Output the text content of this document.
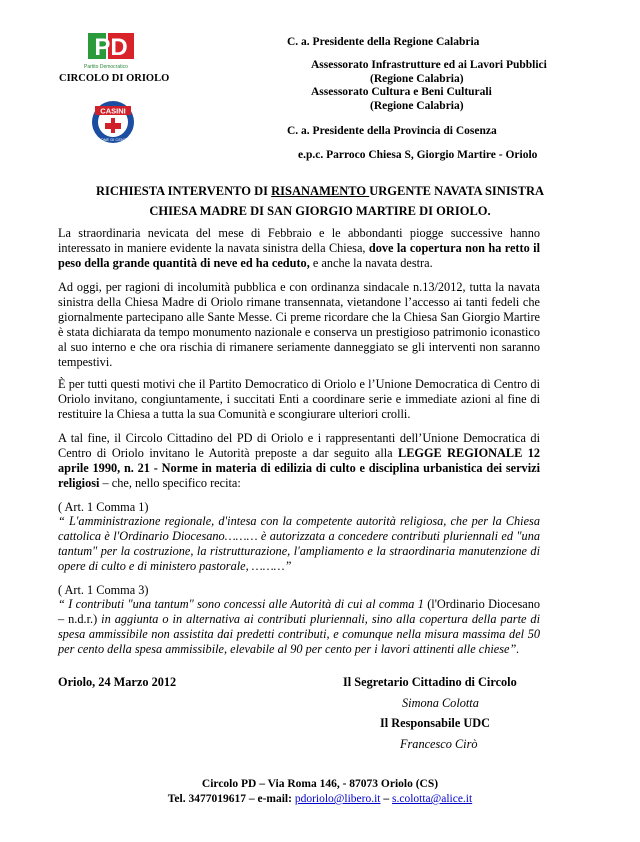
PD
Partito Democratico
CIRCOLO DI ORIOLO
CASINI
UNIONE DI CENTRO
C. a. Presidente della Regione Calabria
Assessorato Infrastrutture ed ai Lavori Pubblici
(Regione Calabria)
Assessorato Cultura e Beni Culturali
(Regione Calabria)
C. a. Presidente della Provincia di Cosenza
e.p.c. Parroco Chiesa S, Giorgio Martire - Oriolo
RICHIESTA INTERVENTO DI RISANAMENTO URGENTE NAVATA SINISTRA
CHIESA MADRE DI SAN GIORGIO MARTIRE DI ORIOLO.

La straordinaria nevicata del mese di Febbraio e le abbondanti piogge successive hanno interessato in maniere evidente la navata sinistra della Chiesa, dove la copertura non ha retto il peso della grande quantità di neve ed ha ceduto, e anche la navata destra.

Ad oggi, per ragioni di incolumità pubblica e con ordinanza sindacale n.13/2012, tutta la navata sinistra della Chiesa Madre di Oriolo rimane transennata, vietandone l’accesso ai tanti fedeli che giornalmente partecipano alle Sante Messe. Ci preme ricordare che la Chiesa San Giorgio Martire è stata dichiarata da tempo monumento nazionale e conserva un prestigioso patrimonio iconastico al suo interno e che ora rischia di rimanere seriamente danneggiato se gli interventi non saranno tempestivi.

È per tutti questi motivi che il Partito Democratico di Oriolo e l’Unione Democratica di Centro di Oriolo invitano, congiuntamente, i succitati Enti a coordinare serie e immediate azioni al fine di restituire la Chiesa a tutta la sua Comunità e scongiurare ulteriori crolli.

A tal fine, il Circolo Cittadino del PD di Oriolo e i rappresentanti dell’Unione Democratica di Centro di Oriolo invitano le Autorità preposte a dar seguito alla LEGGE REGIONALE 12 aprile 1990, n. 21 - Norme in materia di edilizia di culto e disciplina urbanistica dei servizi religiosi – che, nello specifico recita:

( Art. 1 Comma 1)

“ L'amministrazione regionale, d'intesa con la competente autorità religiosa, che per la Chiesa cattolica è l'Ordinario Diocesano……… è autorizzata a concedere contributi pluriennali ed "una tantum" per la costruzione, la ristrutturazione, l'ampliamento e la straordinaria manutenzione di opere di culto e di ministero pastorale, ………”

( Art. 1 Comma 3)

“ I contributi "una tantum" sono concessi alle Autorità di cui al comma 1 (l'Ordinario Diocesano – n.d.r.) in aggiunta o in alternativa ai contributi pluriennali, sino alla copertura della parte di spesa ammissibile non assistita dai predetti contributi, e comunque nella misura massima del 50 per cento della spesa ammissibile, elevabile al 90 per cento per i lavori attinenti alle chiese”.

Oriolo, 24 Marzo 2012	Il Segretario Cittadino di Circolo
Simona Colotta
Il Responsabile UDC
Francesco Cirò
Circolo PD – Via Roma 146, - 87073 Oriolo (CS)
Tel. 3477019617 – e-mail: pdoriolo@libero.it – s.colotta@alice.it
